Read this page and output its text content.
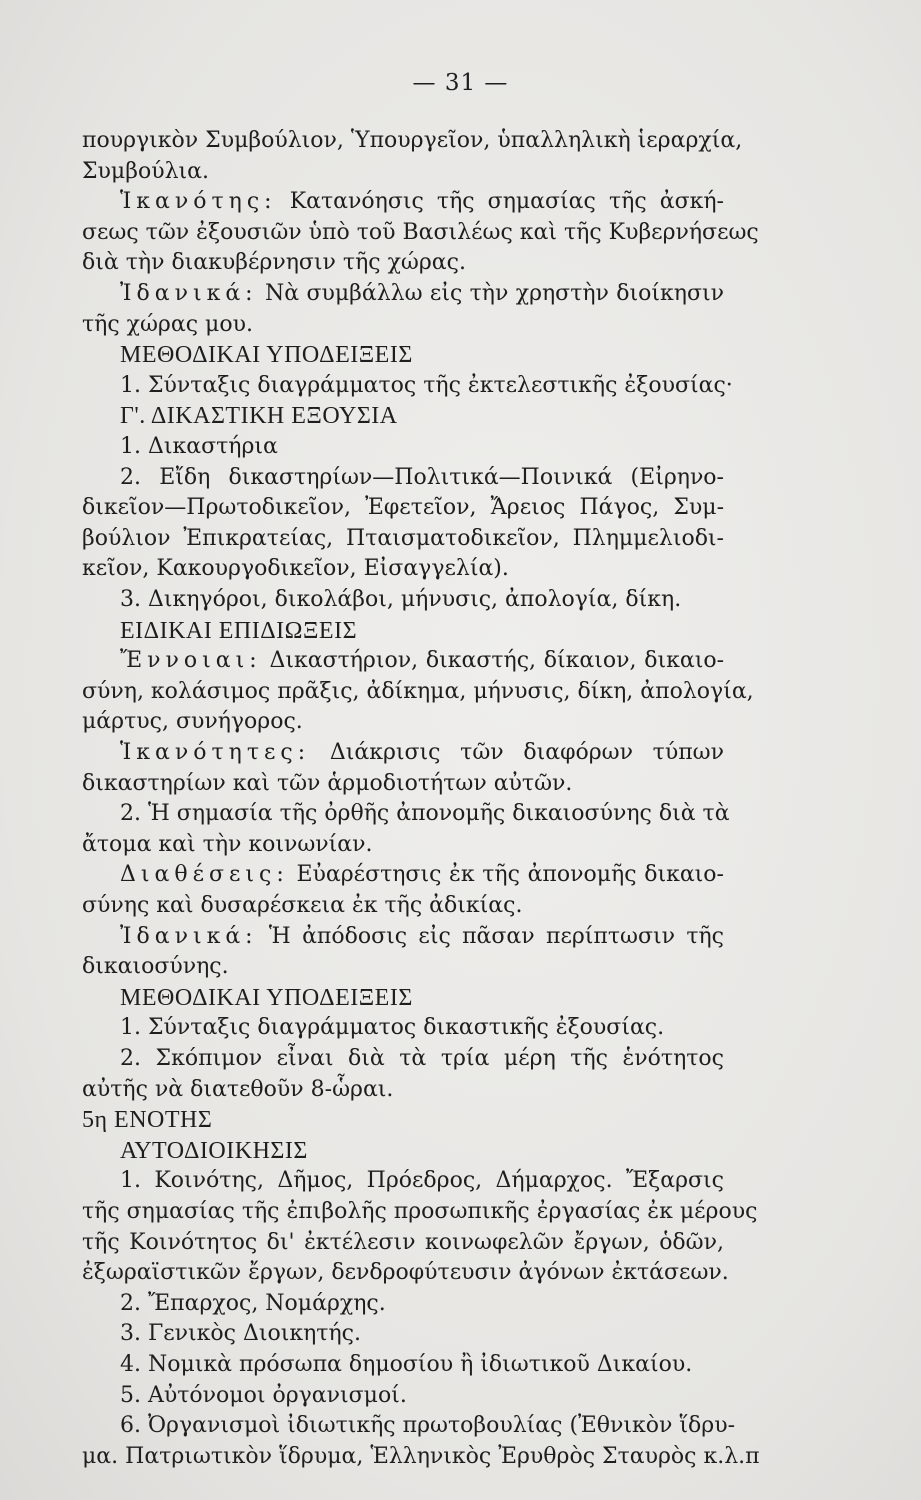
— 31 —
πουργικὸν Συμβούλιον, Ὑπουργεῖον, ὑπαλληλικὴ ἱεραρχία,
Συμβούλια.
Ἱκανότης: Κατανόησις τῆς σημασίας τῆς ἀσκή-
σεως τῶν ἐξουσιῶν ὑπὸ τοῦ Βασιλέως καὶ τῆς Κυβερνήσεως
διὰ τὴν διακυβέρνησιν τῆς χώρας.
Ἰδανικά: Νὰ συμβάλλω εἰς τὴν χρηστὴν διοίκησιν
τῆς χώρας μου.
ΜΕΘΟΔΙΚΑΙ ΥΠΟΔΕΙΞΕΙΣ
1. Σύνταξις διαγράμματος τῆς ἐκτελεστικῆς ἐξουσίας·
Γ'. ΔΙΚΑΣΤΙΚΗ ΕΞΟΥΣΙΑ
1. Δικαστήρια
2. Εἴδη δικαστηρίων—Πολιτικά—Ποινικά (Εἰρηνο-
δικεῖον—Πρωτοδικεῖον, Ἐφετεῖον, Ἄρειος Πάγος, Συμ-
βούλιον Ἐπικρατείας, Πταισματοδικεῖον, Πλημμελιοδι-
κεῖον, Κακουργοδικεῖον, Εἰσαγγελία).
3. Δικηγόροι, δικολάβοι, μήνυσις, ἀπολογία, δίκη.
ΕΙΔΙΚΑΙ ΕΠΙΔΙΩΞΕΙΣ
Ἔννοιαι: Δικαστήριον, δικαστής, δίκαιον, δικαιο-
σύνη, κολάσιμος πρᾶξις, ἀδίκημα, μήνυσις, δίκη, ἀπολογία,
μάρτυς, συνήγορος.
Ἱκανότητες: Διάκρισις τῶν διαφόρων τύπων
δικαστηρίων καὶ τῶν ἁρμοδιοτήτων αὐτῶν.
2. Ἡ σημασία τῆς ὀρθῆς ἀπονομῆς δικαιοσύνης διὰ τὰ
ἄτομα καὶ τὴν κοινωνίαν.
Διαθέσεις: Εὐαρέστησις ἐκ τῆς ἀπονομῆς δικαιο-
σύνης καὶ δυσαρέσκεια ἐκ τῆς ἀδικίας.
Ἰδανικά: Ἡ ἀπόδοσις εἰς πᾶσαν περίπτωσιν τῆς
δικαιοσύνης.
ΜΕΘΟΔΙΚΑΙ ΥΠΟΔΕΙΞΕΙΣ
1. Σύνταξις διαγράμματος δικαστικῆς ἐξουσίας.
2. Σκόπιμον εἶναι διὰ τὰ τρία μέρη τῆς ἑνότητος
αὐτῆς νὰ διατεθοῦν 8-ὧραι.
5η ΕΝΟΤΗΣ
ΑΥΤΟΔΙΟΙΚΗΣΙΣ
1. Κοινότης, Δῆμος, Πρόεδρος, Δήμαρχος. Ἔξαρσις
τῆς σημασίας τῆς ἐπιβολῆς προσωπικῆς ἐργασίας ἐκ μέρους
τῆς Κοινότητος δι' ἐκτέλεσιν κοινωφελῶν ἔργων, ὁδῶν,
ἐξωραϊστικῶν ἔργων, δενδροφύτευσιν ἀγόνων ἐκτάσεων.
2. Ἔπαρχος, Νομάρχης.
3. Γενικὸς Διοικητής.
4. Νομικὰ πρόσωπα δημοσίου ἢ ἰδιωτικοῦ Δικαίου.
5. Αὐτόνομοι ὀργανισμοί.
6. Ὀργανισμοὶ ἰδιωτικῆς πρωτοβουλίας (Ἐθνικὸν ἵδρυ-
μα. Πατριωτικὸν ἵδρυμα, Ἑλληνικὸς Ἐρυθρὸς Σταυρὸς κ.λ.π
